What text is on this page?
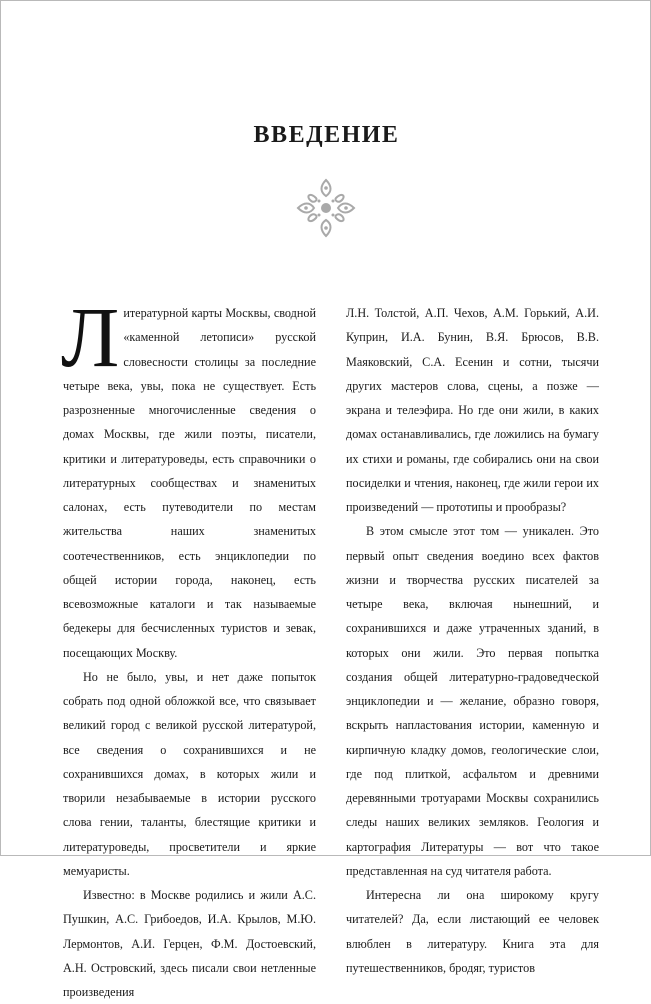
ВВЕДЕНИЕ

Литературной карты Москвы, сводной «каменной летописи» русской словесности столицы за последние четыре века, увы, пока не существует. Есть разрозненные многочисленные сведения о домах Москвы, где жили поэты, писатели, критики и литературоведы, есть справочники о литературных сообществах и знаменитых салонах, есть путеводители по местам жительства наших знаменитых соотечественников, есть энциклопедии по общей истории города, наконец, есть всевозможные каталоги и так называемые бедекеры для бесчисленных туристов и зевак, посещающих Москву.

Но не было, увы, и нет даже попыток собрать под одной обложкой все, что связывает великий город с великой русской литературой, все сведения о сохранившихся и не сохранившихся домах, в которых жили и творили незабываемые в истории русского слова гении, таланты, блестящие критики и литературоведы, просветители и яркие мемуаристы.

Известно: в Москве родились и жили А.С. Пушкин, А.С. Грибоедов, И.А. Крылов, М.Ю. Лермонтов, А.И. Герцен, Ф.М. Достоевский, А.Н. Островский, здесь писали свои нетленные произведения

Л.Н. Толстой, А.П. Чехов, А.М. Горький, А.И. Куприн, И.А. Бунин, В.Я. Брюсов, В.В. Маяковский, С.А. Есенин и сотни, тысячи других мастеров слова, сцены, а позже — экрана и телеэфира. Но где они жили, в каких домах останавливались, где ложились на бумагу их стихи и романы, где собирались они на свои посиделки и чтения, наконец, где жили герои их произведений — прототипы и прообразы?

В этом смысле этот том — уникален. Это первый опыт сведения воедино всех фактов жизни и творчества русских писателей за четыре века, включая нынешний, и сохранившихся и даже утраченных зданий, в которых они жили. Это первая попытка создания общей литературно-градоведческой энциклопедии и — желание, образно говоря, вскрыть напластования истории, каменную и кирпичную кладку домов, геологические слои, где под плиткой, асфальтом и древними деревянными тротуарами Москвы сохранились следы наших великих земляков. Геология и картография Литературы — вот что такое представленная на суд читателя работа.

Интересна ли она широкому кругу читателей? Да, если листающий ее человек влюблен в литературу. Книга эта для путешественников, бродяг, туристов
